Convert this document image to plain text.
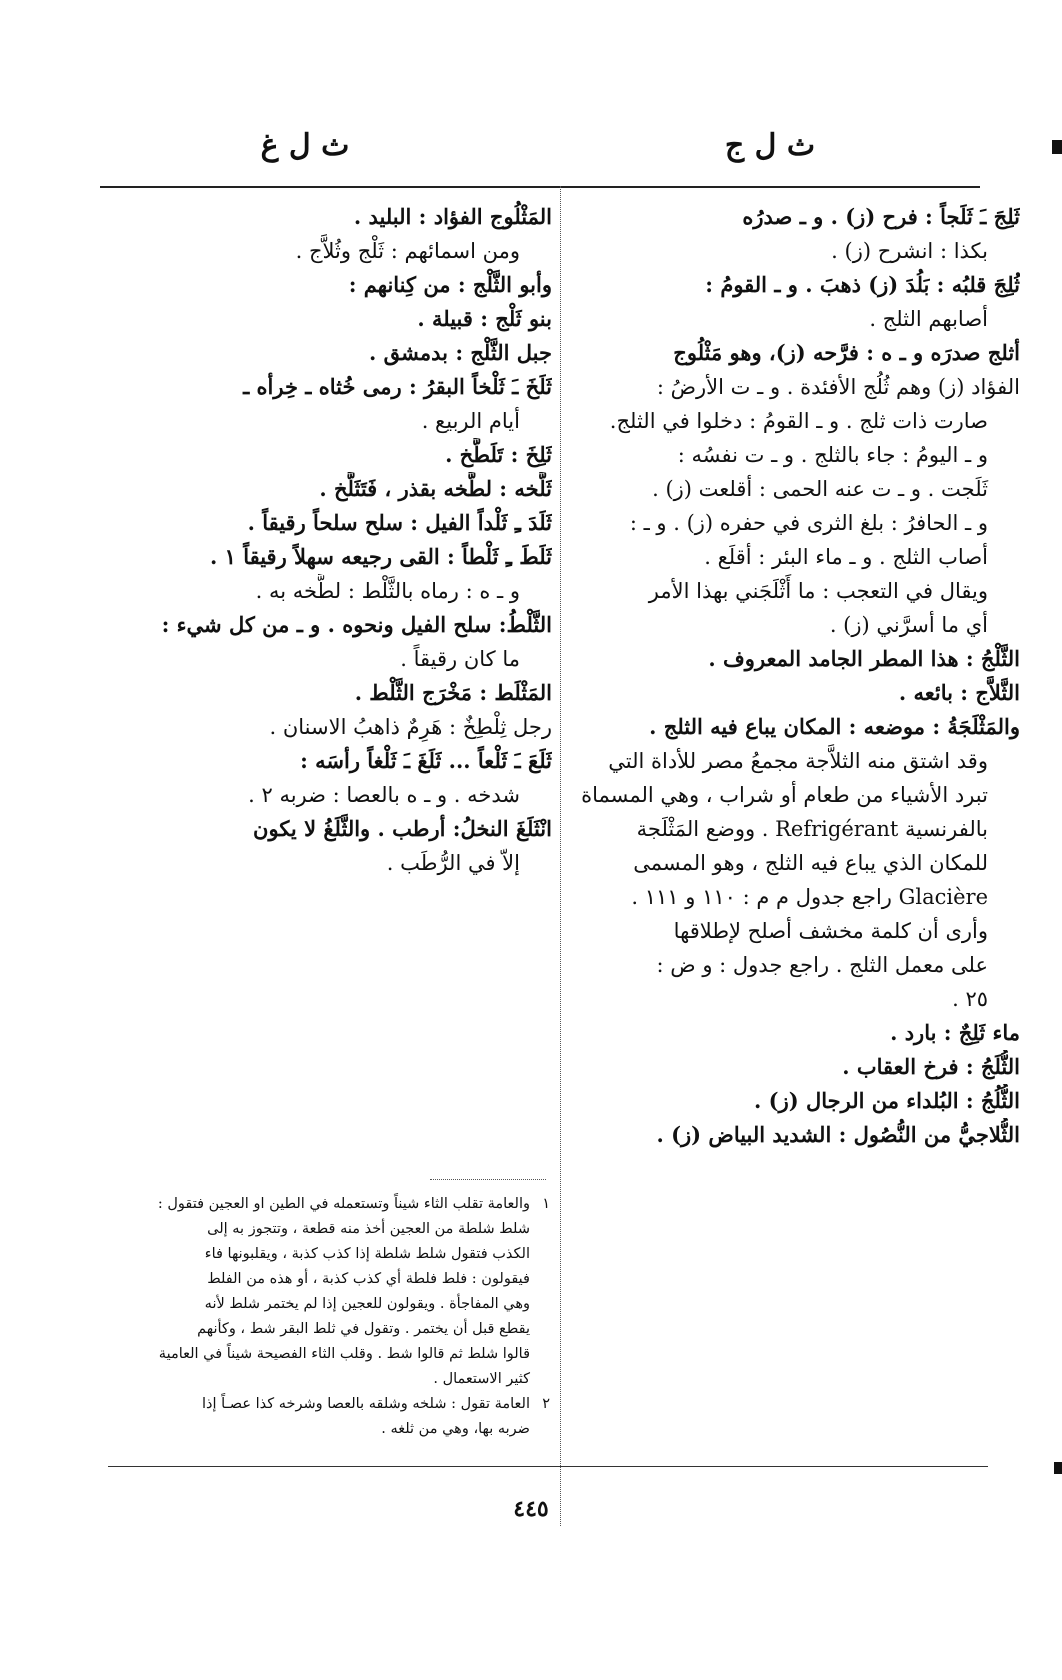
ث ل ج
ث ل غ
ثَلِجَ ـَ ثَلَجاً : فرح (ز) . و ـ صدرُه
بكذا : انشرح (ز) .
ثُلِجَ قلبُه : بَلُدَ (ز) ذهبَ . و ـ القومُ :
أصابهم الثلج .
أثلج صدرَه و ـ ه : فرَّحه (ز)، وهو مَثْلُوج
الفؤاد (ز) وهم ثُلُج الأفئدة . و ـ ت الأرضُ :
صارت ذات ثلج . و ـ القومُ : دخلوا في الثلج.
و ـ اليومُ : جاء بالثلج . و ـ ت نفسُه :
ثَلَجت . و ـ ت عنه الحمى : أقلعت (ز) .
و ـ الحافرُ : بلغ الثرى في حفره (ز) . و ـ :
أصاب الثلج . و ـ ماء البئر : أقلَع .
ويقال في التعجب : ما أَثْلَجَني بهذا الأمر
أي ما أسرَّني (ز) .
الثَّلْجُ : هذا المطر الجامد المعروف .
الثَّلاَّج : بائعه .
والمَثْلَجَةُ : موضعه : المكان يباع فيه الثلج .
وقد اشتق منه الثلاَّجة مجمعُ مصر للأداة التي
تبرد الأشياء من طعام أو شراب ، وهي المسماة
بالفرنسية Refrigérant . ووضع المَثْلَجة
للمكان الذي يباع فيه الثلج ، وهو المسمى
Glacière راجع جدول م م : ١١٠ و ١١١ .
وأرى أن كلمة مخشف أصلح لإطلاقها
على معمل الثلج . راجع جدول : و ض :
٢٥ .
ماء ثَلِجٌ : بارد .
الثُّلَجُ : فرخ العقاب .
الثُّلُجُ : البُلداء من الرجال (ز) .
الثُّلاجيُّ من النُّصُول : الشديد البياض (ز) .
المَثْلُوج الفؤاد : البليد .
ومن اسمائهم : ثَلْج وثُلاَّج .
وأبو الثَّلْج : من كِنانهم :
بنو ثَلْج : قبيلة .
جبل الثَّلْج : بدمشق .
ثَلَخَ ـَ ثَلْخاً البقرُ : رمى خُثاه ـ خِرأه ـ
أيام الربيع .
ثَلِخَ : تَلَطَّخ .
ثَلَّخه : لطَّخه بقذر ، فَتَثَلَّخ .
ثَلَدَ ـِ ثَلْداً الفيل : سلح سلحاً رقيقاً .
ثَلَطَ ـِ ثَلْطاً : القى رجيعه سهلاً رقيقاً ١ .
و ـ ه : رماه بالثَّلْط : لطَّخه به .
الثَّلْطُ: سلح الفيل ونحوه . و ـ من كل شيء :
ما كان رقيقاً .
المَثْلَط : مَخْرَج الثَّلْط .
رجل ثِلْطِخٌ : هَرِمٌ ذاهبُ الاسنان .
ثَلَعَ ـَ ثَلْعاً ... ثَلَغَ ـَ ثَلْغاً رأسَه :
شدخه . و ـ ه بالعصا : ضربه ٢ .
انْثَلَغَ النخلُ: أرطب . والثَّلَغُ لا يكون
إلاّ في الرُّطَب .
١والعامة تقلب الثاء شيناً وتستعمله في الطين او العجين فتقول :
شلط شلطة من العجين أخذ منه قطعة ، وتتجوز به إلى
الكذب فتقول شلط شلطة إذا كذب كذبة ، ويقلبونها فاء
فيقولون : فلط فلطة أي كذب كذبة ، أو هذه من الفلط
وهي المفاجأة . ويقولون للعجين إذا لم يختمر شلط لأنه
يقطع قبل أن يختمر . وتقول في ثلط البقر شط ، وكأنهم
قالوا شلط ثم قالوا شط . وقلب الثاء الفصيحة شيناً في العامية
كثير الاستعمال .
٢العامة تقول : شلخه وشلقه بالعصا وشرخه كذا عصـاً إذا
ضربه بها، وهي من ثلغه .
٤٤٥
